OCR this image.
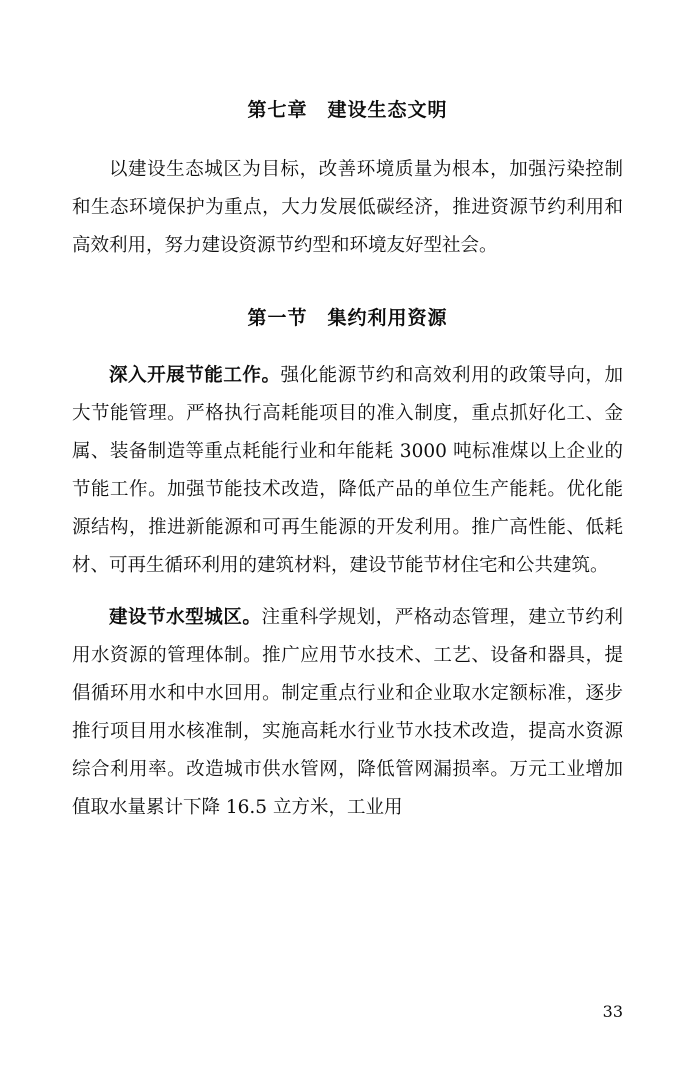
第七章　建设生态文明

以建设生态城区为目标，改善环境质量为根本，加强污染控制和生态环境保护为重点，大力发展低碳经济，推进资源节约利用和高效利用，努力建设资源节约型和环境友好型社会。

第一节　集约利用资源

深入开展节能工作。强化能源节约和高效利用的政策导向，加大节能管理。严格执行高耗能项目的准入制度，重点抓好化工、金属、装备制造等重点耗能行业和年能耗 3000 吨标准煤以上企业的节能工作。加强节能技术改造，降低产品的单位生产能耗。优化能源结构，推进新能源和可再生能源的开发利用。推广高性能、低耗材、可再生循环利用的建筑材料，建设节能节材住宅和公共建筑。

建设节水型城区。注重科学规划，严格动态管理，建立节约利用水资源的管理体制。推广应用节水技术、工艺、设备和器具，提倡循环用水和中水回用。制定重点行业和企业取水定额标准，逐步推行项目用水核准制，实施高耗水行业节水技术改造，提高水资源综合利用率。改造城市供水管网，降低管网漏损率。万元工业增加值取水量累计下降 16.5 立方米，工业用

33
